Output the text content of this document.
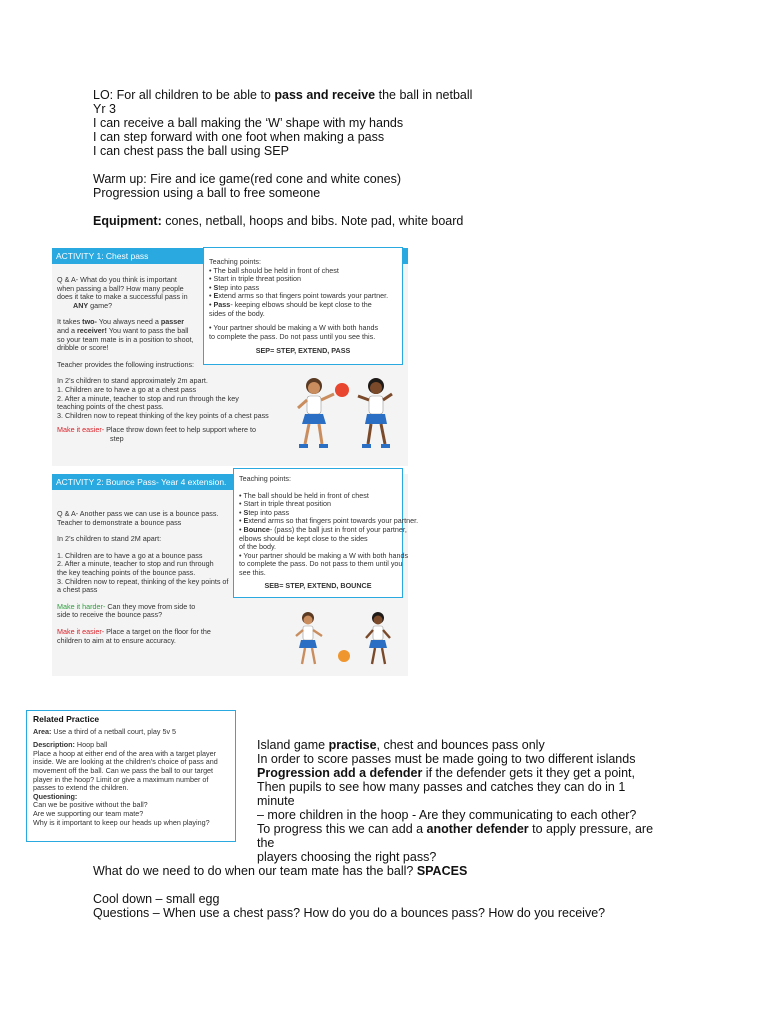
LO: For all children to be able to pass and receive the ball in netball
Yr 3
I can receive a ball making the ‘W’ shape with my hands
I can step forward with one foot when making a pass
I can chest pass the ball using SEP
Warm up: Fire and ice game(red cone and white cones)
Progression using a ball to free someone
Equipment: cones, netball, hoops and bibs. Note pad, white board
ACTIVITY 1: Chest pass
Q & A- What do you think is important
when passing a ball? How many people
does it take to make a successful pass in
ANY game?
It takes two- You always need a passer
and a receiver! You want to pass the ball
so your team mate is in a position to shoot,
dribble or score!
Teacher provides the following instructions:
In 2’s children to stand approximately 2m apart.
1. Children are to have a go at a chest pass
2. After a minute, teacher to stop and run through the key
teaching points of the chest pass.
3. Children now to repeat thinking of the key points of a chest pass
Make it easier- Place throw down feet to help support where to
step
Teaching points:
• The ball should be held in front of chest
• Start in triple threat position
• Step into pass
• Extend arms so that fingers point towards your partner.
• Pass- keeping elbows should be kept close to the
sides of the body.
• Your partner should be making a W with both hands
to complete the pass. Do not pass until you see this.
SEP= STEP, EXTEND, PASS
ACTIVITY 2: Bounce Pass- Year 4 extension.
Q & A- Another pass we can use is a bounce pass.
Teacher to demonstrate a bounce pass
In 2’s children to stand 2M apart:
1. Children are to have a go at a bounce pass
2. After a minute, teacher to stop and run through
the key teaching points of the bounce pass.
3. Children now to repeat, thinking of the key points of
a chest pass
Make it harder- Can they move from side to
side to receive the bounce pass?
Make it easier- Place a target on the floor for the
children to aim at to ensure accuracy.
Teaching points:
• The ball should be held in front of chest
• Start in triple threat position
• Step into pass
• Extend arms so that fingers point towards your partner.
• Bounce- (pass) the ball just in front of your partner,
elbows should be kept close to the sides
of the body.
• Your partner should be making a W with both hands
to complete the pass. Do not pass to them until you
see this.
SEB= STEP, EXTEND, BOUNCE
Related Practice
Area: Use a third of a netball court, play 5v 5
Description: Hoop ball
Place a hoop at either end of the area with a target player
inside. We are looking at the children’s choice of pass and
movement off the ball. Can we pass the ball to our target
player in the hoop? Limit or give a maximum number of
passes to extend the children.
Questioning:
Can we be positive without the ball?
Are we supporting our team mate?
Why is it important to keep our heads up when playing?
Island game practise, chest and bounces pass only
In order to score passes must be made going to two different islands
Progression add a defender if the defender gets it they get a point,
Then pupils to see how many passes and catches they can do in 1
minute
– more children in the hoop - Are they communicating to each other?
To progress this we can add a another defender to apply pressure, are
the
players choosing the right pass?
What do we need to do when our team mate has the ball? SPACES
Cool down – small egg
Questions – When use a chest pass? How do you do a bounces pass? How do you receive?
